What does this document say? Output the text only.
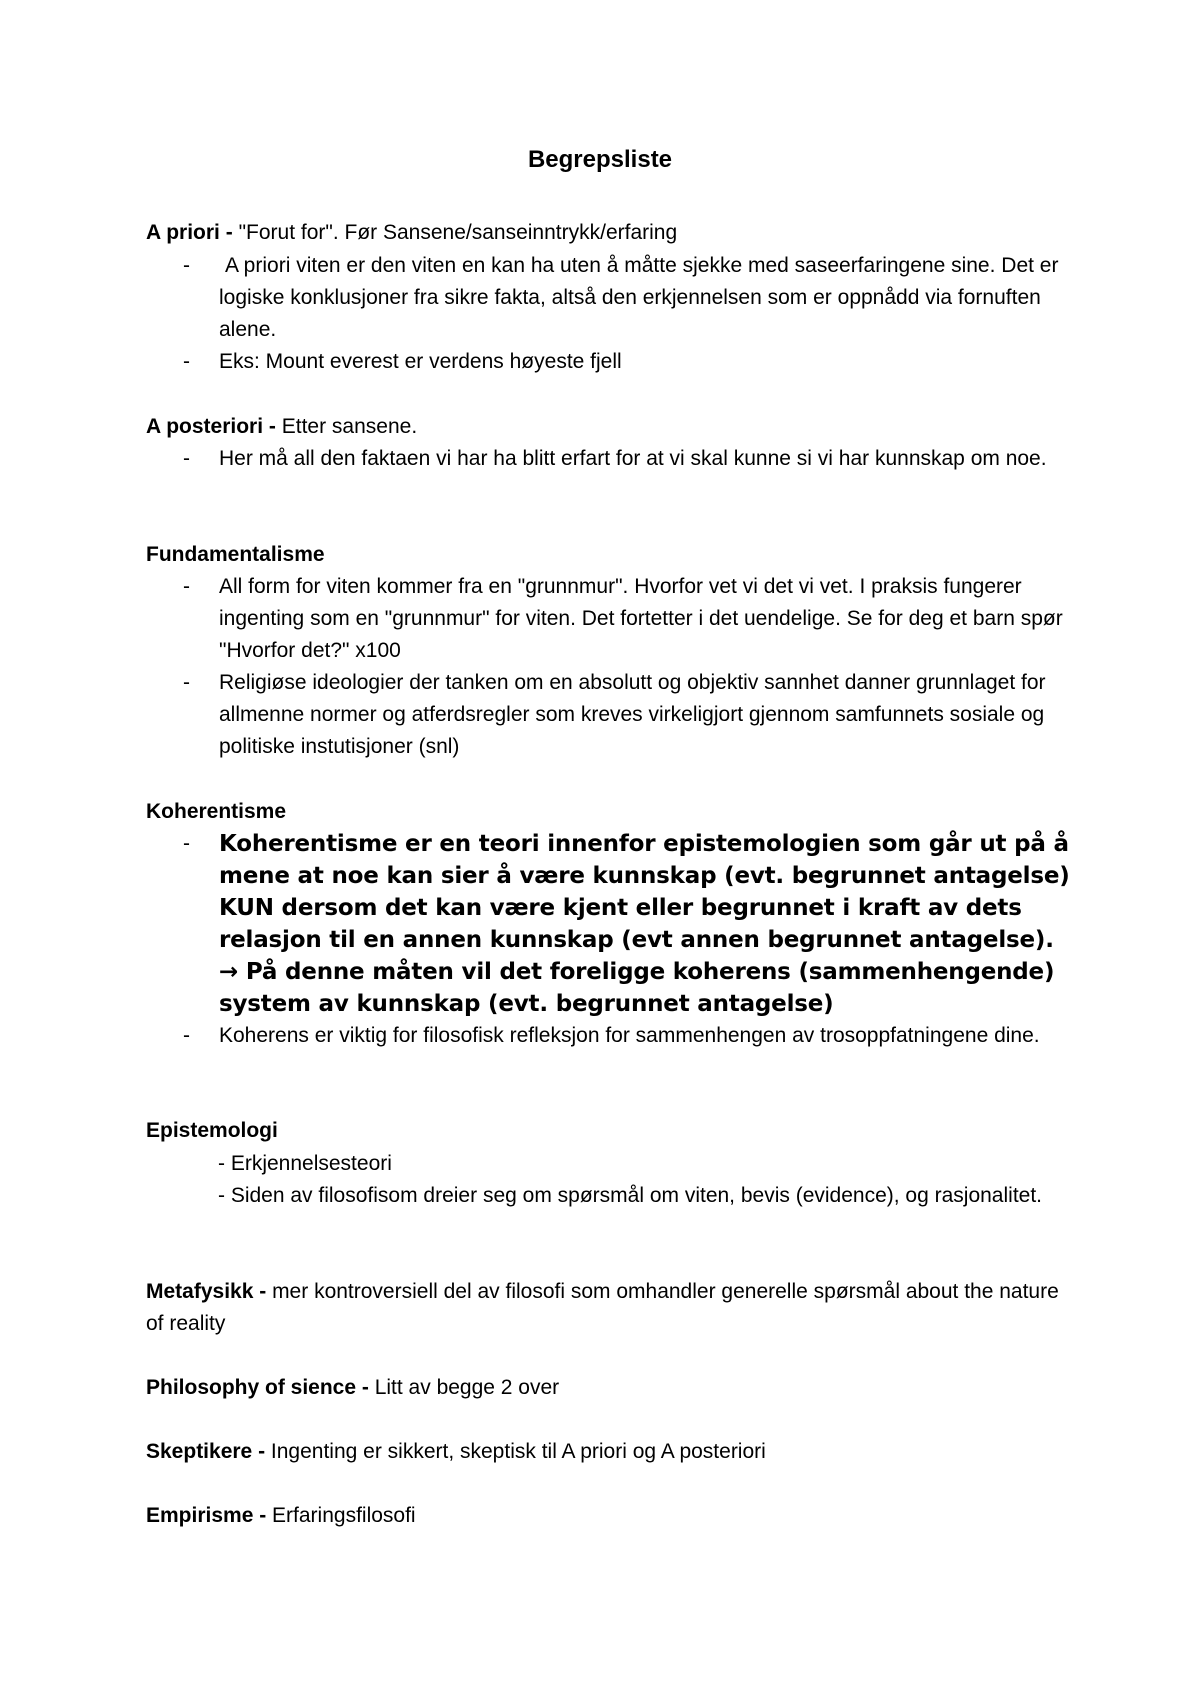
Begrepsliste
A priori - "Forut for". Før Sansene/sanseinntrykk/erfaring
- A priori viten er den viten en kan ha uten å måtte sjekke med saseerfaringene sine. Det er logiske konklusjoner fra sikre fakta, altså den erkjennelsen som er oppnådd via fornuften alene.
- Eks: Mount everest er verdens høyeste fjell
A posteriori - Etter sansene.
- Her må all den faktaen vi har ha blitt erfart for at vi skal kunne si vi har kunnskap om noe.
Fundamentalisme
- All form for viten kommer fra en "grunnmur". Hvorfor vet vi det vi vet. I praksis fungerer ingenting som en "grunnmur" for viten. Det fortetter i det uendelige. Se for deg et barn spør "Hvorfor det?" x100
- Religiøse ideologier der tanken om en absolutt og objektiv sannhet danner grunnlaget for allmenne normer og atferdsregler som kreves virkeligjort gjennom samfunnets sosiale og politiske instutisjoner (snl)
Koherentisme
- Koherentisme er en teori innenfor epistemologien som går ut på å mene at noe kan sier å være kunnskap (evt. begrunnet antagelse) KUN dersom det kan være kjent eller begrunnet i kraft av dets relasjon til en annen kunnskap (evt annen begrunnet antagelse). → På denne måten vil det foreligge koherens (sammenhengende) system av kunnskap (evt. begrunnet antagelse)
- Koherens er viktig for filosofisk refleksjon for sammenhengen av trosoppfatningene dine.
Epistemologi
- Erkjennelsesteori
- Siden av filosofisom dreier seg om spørsmål om viten, bevis (evidence), og rasjonalitet.
Metafysikk - mer kontroversiell del av filosofi som omhandler generelle spørsmål about the nature of reality
Philosophy of sience - Litt av begge 2 over
Skeptikere - Ingenting er sikkert, skeptisk til A priori og A posteriori
Empirisme - Erfaringsfilosofi
